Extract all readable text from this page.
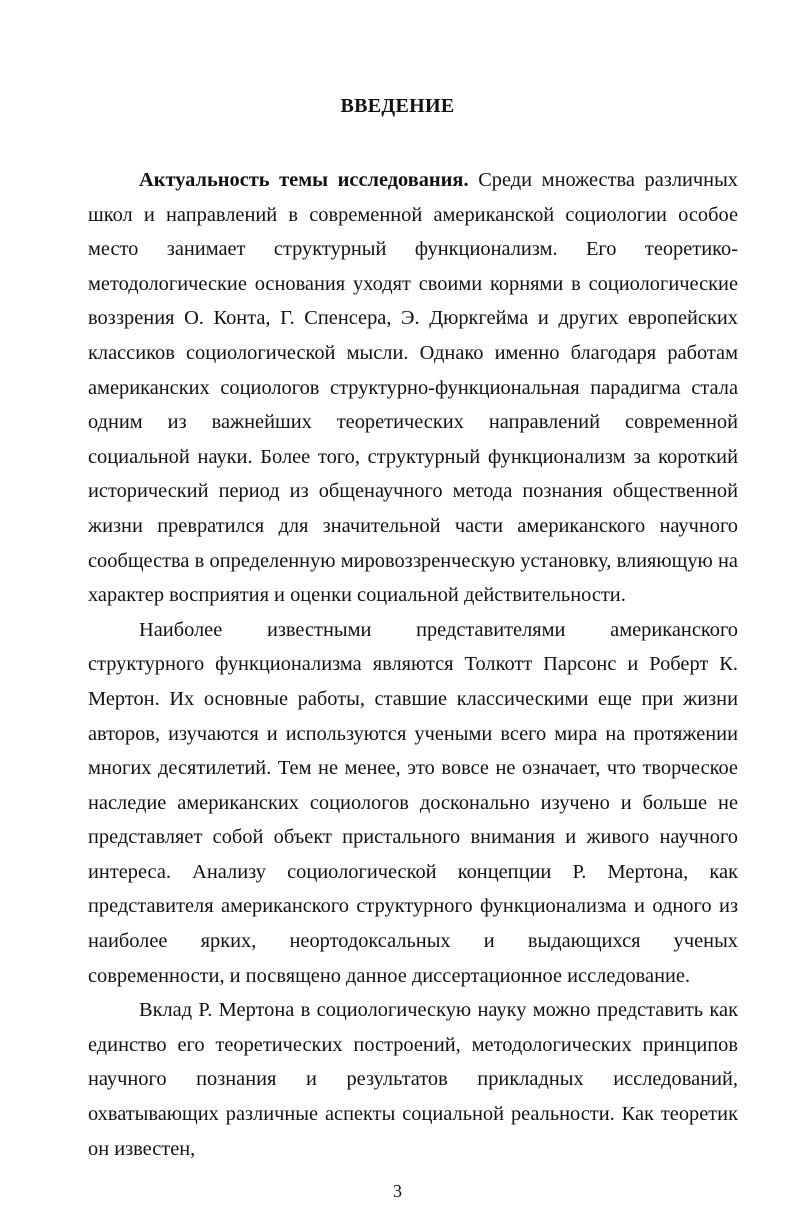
ВВЕДЕНИЕ

Актуальность темы исследования. Среди множества различных школ и направлений в современной американской социологии особое место занимает структурный функционализм. Его теоретико-методологические основания уходят своими корнями в социологические воззрения О. Конта, Г. Спенсера, Э. Дюркгейма и других европейских классиков социологической мысли. Однако именно благодаря работам американских социологов структурно-функциональная парадигма стала одним из важнейших теоретических направлений современной социальной науки. Более того, структурный функционализм за короткий исторический период из общенаучного метода познания общественной жизни превратился для значительной части американского научного сообщества в определенную мировоззренческую установку, влияющую на характер восприятия и оценки социальной действительности.

Наиболее известными представителями американского структурного функционализма являются Толкотт Парсонс и Роберт К. Мертон. Их основные работы, ставшие классическими еще при жизни авторов, изучаются и используются учеными всего мира на протяжении многих десятилетий. Тем не менее, это вовсе не означает, что творческое наследие американских социологов досконально изучено и больше не представляет собой объект пристального внимания и живого научного интереса. Анализу социологической концепции Р. Мертона, как представителя американского структурного функционализма и одного из наиболее ярких, неортодоксальных и выдающихся ученых современности, и посвящено данное диссертационное исследование.

Вклад Р. Мертона в социологическую науку можно представить как единство его теоретических построений, методологических принципов научного познания и результатов прикладных исследований, охватывающих различные аспекты социальной реальности. Как теоретик он известен,

3
